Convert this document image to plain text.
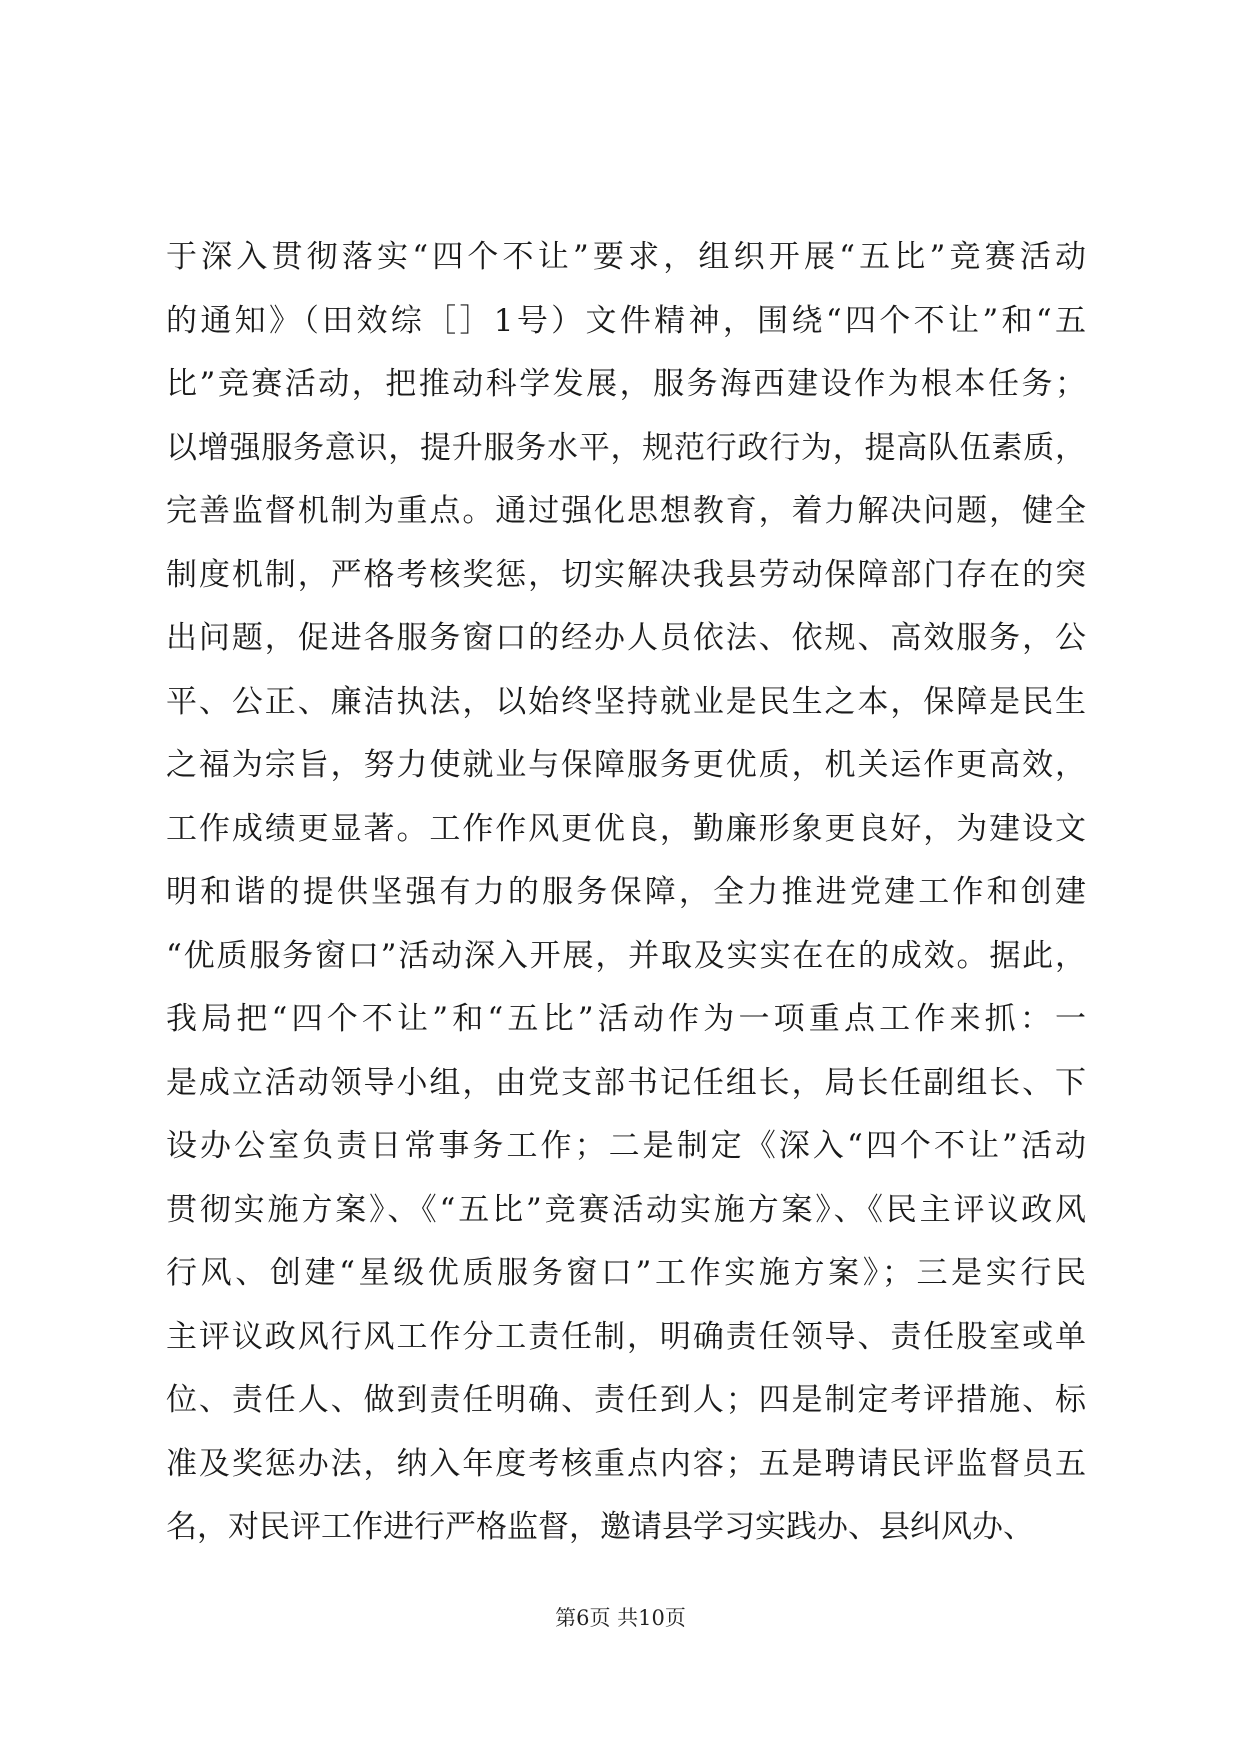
于深入贯彻落实“四个不让”要求，组织开展“五比”竞赛活动
的通知》（田效综［］1号）文件精神，围绕“四个不让”和“五
比”竞赛活动，把推动科学发展，服务海西建设作为根本任务；
以增强服务意识，提升服务水平，规范行政行为，提高队伍素质，
完善监督机制为重点。通过强化思想教育，着力解决问题，健全
制度机制，严格考核奖惩，切实解决我县劳动保障部门存在的突
出问题，促进各服务窗口的经办人员依法、依规、高效服务，公
平、公正、廉洁执法，以始终坚持就业是民生之本，保障是民生
之福为宗旨，努力使就业与保障服务更优质，机关运作更高效，
工作成绩更显著。工作作风更优良，勤廉形象更良好，为建设文
明和谐的提供坚强有力的服务保障，全力推进党建工作和创建
“优质服务窗口”活动深入开展，并取及实实在在的成效。据此，
我局把“四个不让”和“五比”活动作为一项重点工作来抓：一
是成立活动领导小组，由党支部书记任组长，局长任副组长、下
设办公室负责日常事务工作；二是制定《深入“四个不让”活动
贯彻实施方案》、《“五比”竞赛活动实施方案》、《民主评议政风
行风、创建“星级优质服务窗口”工作实施方案》；三是实行民
主评议政风行风工作分工责任制，明确责任领导、责任股室或单
位、责任人、做到责任明确、责任到人；四是制定考评措施、标
准及奖惩办法，纳入年度考核重点内容；五是聘请民评监督员五
名，对民评工作进行严格监督，邀请县学习实践办、县纠风办、
第6页 共10页
